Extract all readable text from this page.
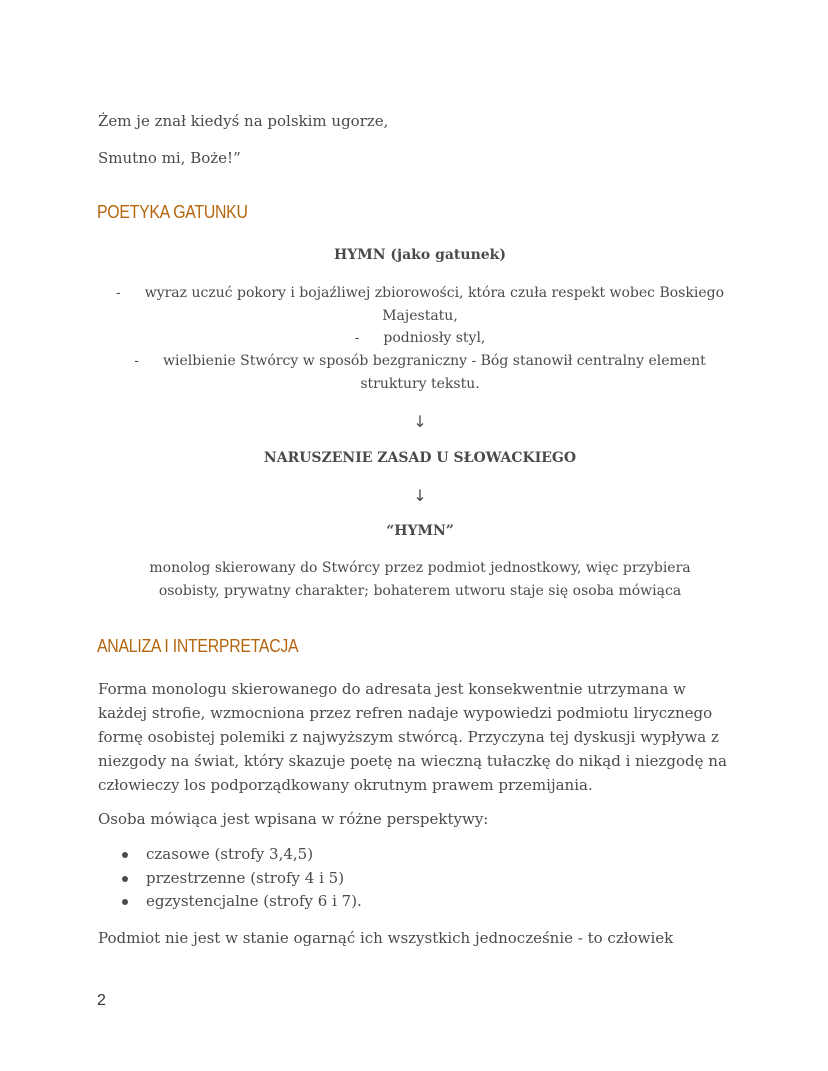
Żem je znał kiedyś na polskim ugorze,

Smutno mi, Boże!”

POETYKA GATUNKU

HYMN (jako gatunek)

- wyraz uczuć pokory i bojaźliwej zbiorowości, która czuła respekt wobec Boskiego
Majestatu,

- podniosły styl,

- wielbienie Stwórcy w sposób bezgraniczny - Bóg stanowił centralny element
struktury tekstu.

↓

NARUSZENIE ZASAD U SŁOWACKIEGO

↓

“HYMN”

monolog skierowany do Stwórcy przez podmiot jednostkowy, więc przybiera
osobisty, prywatny charakter; bohaterem utworu staje się osoba mówiąca

ANALIZA I INTERPRETACJA

Forma monologu skierowanego do adresata jest konsekwentnie utrzymana w każdej strofie, wzmocniona przez refren nadaje wypowiedzi podmiotu lirycznego formę osobistej polemiki z najwyższym stwórcą. Przyczyna tej dyskusji wypływa z niezgody na świat, który skazuje poetę na wieczną tułaczkę do nikąd i niezgodę na człowieczy los podporządkowany okrutnym prawem przemijania.

Osoba mówiąca jest wpisana w różne perspektywy:

czasowe (strofy 3,4,5)
przestrzenne (strofy 4 i 5)
egzystencjalne (strofy 6 i 7).

Podmiot nie jest w stanie ogarnąć ich wszystkich jednocześnie - to człowiek

2
